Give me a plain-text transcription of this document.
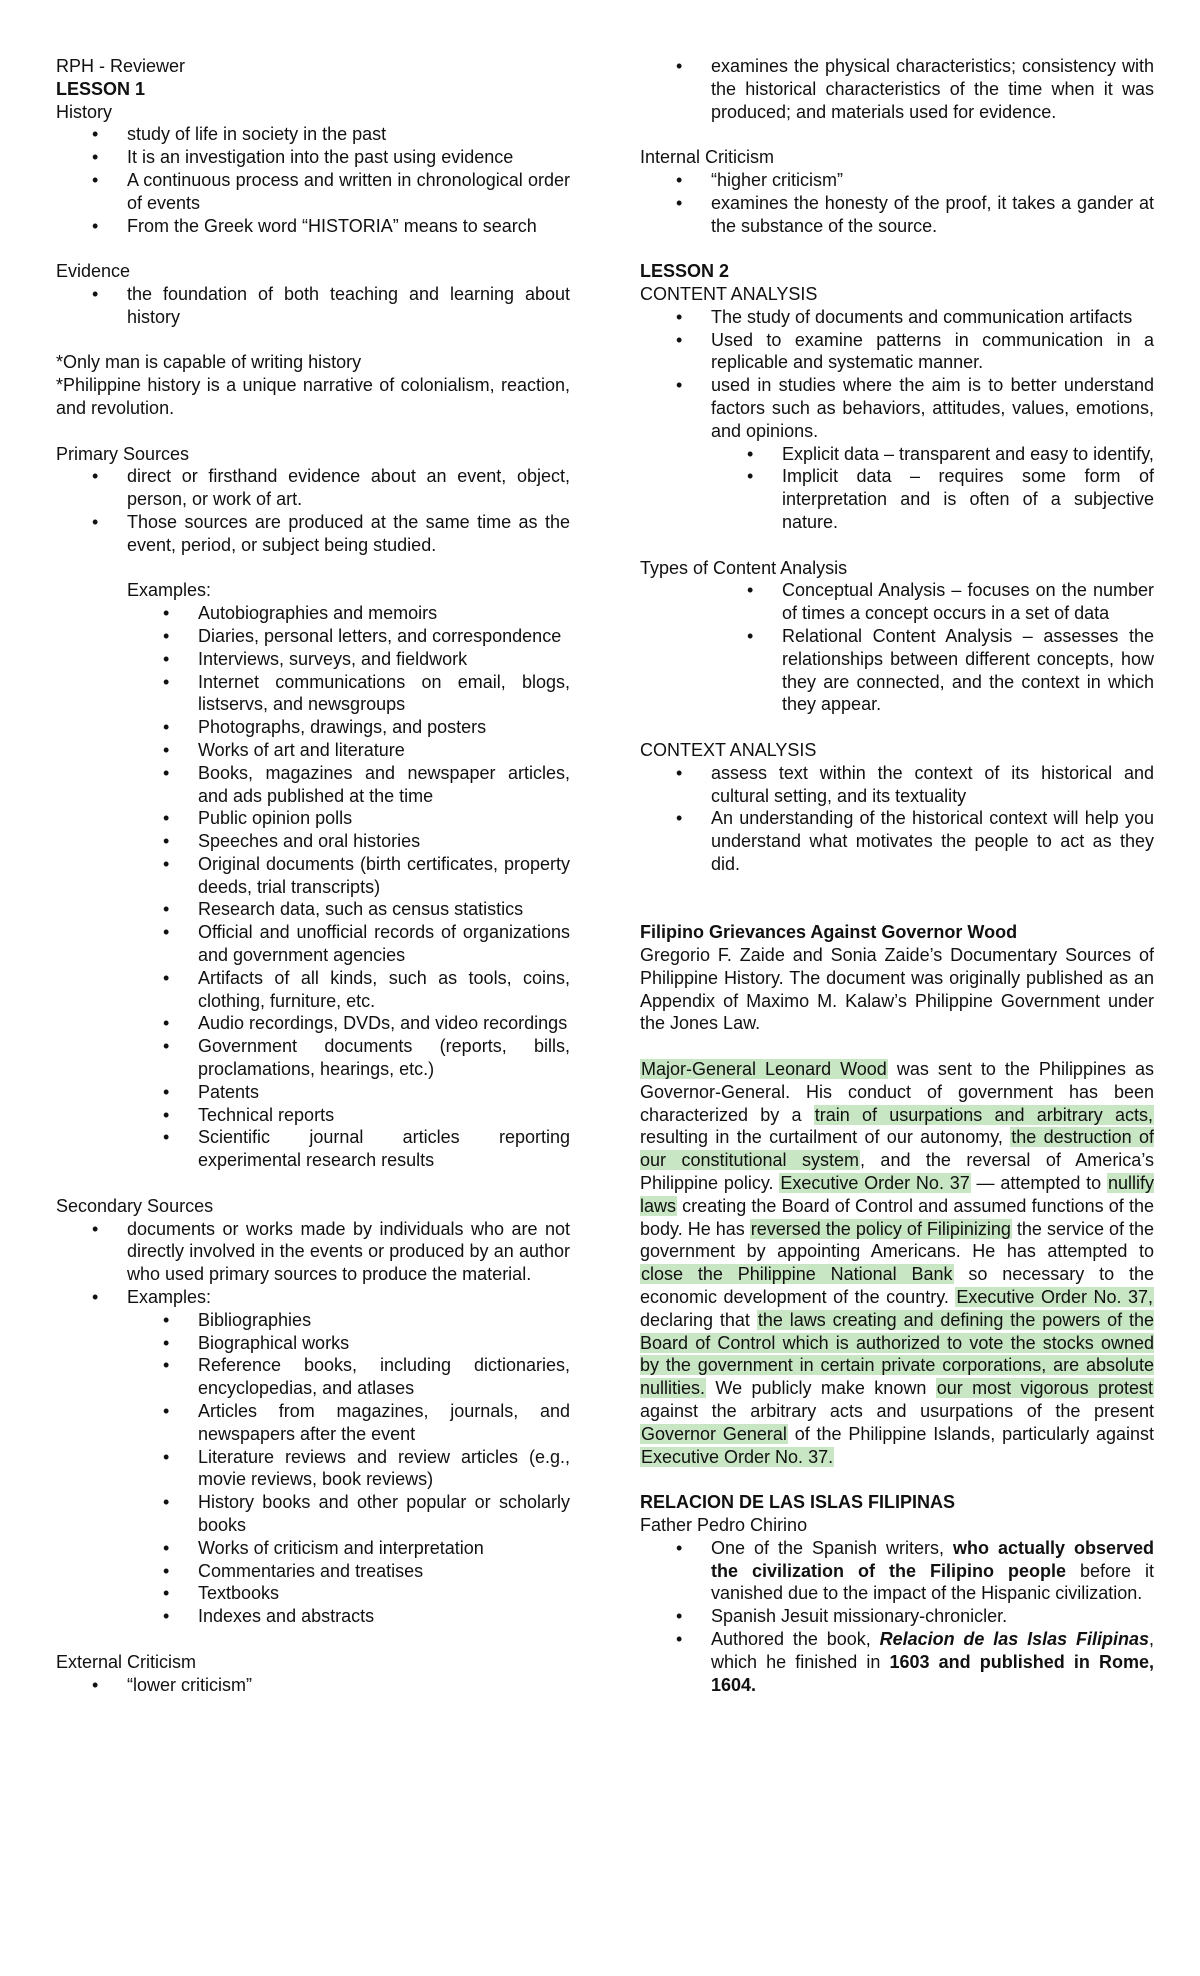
RPH - Reviewer
LESSON 1
History
• study of life in society in the past
• It is an investigation into the past using evidence
• A continuous process and written in chronological order of events
• From the Greek word “HISTORIA” means to search
Evidence
• the foundation of both teaching and learning about history
*Only man is capable of writing history
*Philippine history is a unique narrative of colonialism, reaction, and revolution.
Primary Sources
• direct or firsthand evidence about an event, object, person, or work of art.
• Those sources are produced at the same time as the event, period, or subject being studied.
Examples:
• Autobiographies and memoirs
• Diaries, personal letters, and correspondence
• Interviews, surveys, and fieldwork
• Internet communications on email, blogs, listservs, and newsgroups
• Photographs, drawings, and posters
• Works of art and literature
• Books, magazines and newspaper articles, and ads published at the time
• Public opinion polls
• Speeches and oral histories
• Original documents (birth certificates, property deeds, trial transcripts)
• Research data, such as census statistics
• Official and unofficial records of organizations and government agencies
• Artifacts of all kinds, such as tools, coins, clothing, furniture, etc.
• Audio recordings, DVDs, and video recordings
• Government documents (reports, bills, proclamations, hearings, etc.)
• Patents
• Technical reports
• Scientific journal articles reporting experimental research results
Secondary Sources
• documents or works made by individuals who are not directly involved in the events or produced by an author who used primary sources to produce the material.
• Examples:
• Bibliographies
• Biographical works
• Reference books, including dictionaries, encyclopedias, and atlases
• Articles from magazines, journals, and newspapers after the event
• Literature reviews and review articles (e.g., movie reviews, book reviews)
• History books and other popular or scholarly books
• Works of criticism and interpretation
• Commentaries and treatises
• Textbooks
• Indexes and abstracts
External Criticism
• “lower criticism”
• examines the physical characteristics; consistency with the historical characteristics of the time when it was produced; and materials used for evidence.
Internal Criticism
• “higher criticism”
• examines the honesty of the proof, it takes a gander at the substance of the source.
LESSON 2
CONTENT ANALYSIS
• The study of documents and communication artifacts
• Used to examine patterns in communication in a replicable and systematic manner.
• used in studies where the aim is to better understand factors such as behaviors, attitudes, values, emotions, and opinions.
• Explicit data – transparent and easy to identify,
• Implicit data – requires some form of interpretation and is often of a subjective nature.
Types of Content Analysis
• Conceptual Analysis – focuses on the number of times a concept occurs in a set of data
• Relational Content Analysis – assesses the relationships between different concepts, how they are connected, and the context in which they appear.
CONTEXT ANALYSIS
• assess text within the context of its historical and cultural setting, and its textuality
• An understanding of the historical context will help you understand what motivates the people to act as they did.
Filipino Grievances Against Governor Wood
Gregorio F. Zaide and Sonia Zaide’s Documentary Sources of Philippine History. The document was originally published as an Appendix of Maximo M. Kalaw’s Philippine Government under the Jones Law.
Major-General Leonard Wood was sent to the Philippines as Governor-General. His conduct of government has been characterized by a train of usurpations and arbitrary acts, resulting in the curtailment of our autonomy, the destruction of our constitutional system, and the reversal of America’s Philippine policy. Executive Order No. 37 — attempted to nullify laws creating the Board of Control and assumed functions of the body. He has reversed the policy of Filipinizing the service of the government by appointing Americans. He has attempted to close the Philippine National Bank so necessary to the economic development of the country. Executive Order No. 37, declaring that the laws creating and defining the powers of the Board of Control which is authorized to vote the stocks owned by the government in certain private corporations, are absolute nullities. We publicly make known our most vigorous protest against the arbitrary acts and usurpations of the present Governor General of the Philippine Islands, particularly against Executive Order No. 37.
RELACION DE LAS ISLAS FILIPINAS
Father Pedro Chirino
• One of the Spanish writers, who actually observed the civilization of the Filipino people before it vanished due to the impact of the Hispanic civilization.
• Spanish Jesuit missionary-chronicler.
• Authored the book, Relacion de las Islas Filipinas, which he finished in 1603 and published in Rome, 1604.
